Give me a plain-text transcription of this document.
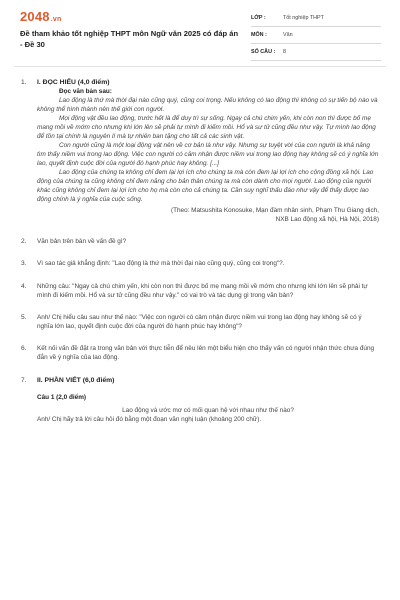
2048.vn
Đề tham khảo tốt nghiệp THPT môn Ngữ văn 2025 có đáp án - Đề 30
LỚP :	Tốt nghiệp THPT
MÔN :	Văn
SỐ CÂU : 8
1. I. ĐỌC HIỂU (4,0 điểm)
Đọc văn bản sau:

Lao động là thứ mà thời đại nào cũng quý, cũng coi trọng. Nếu không có lao động thì không có sự tiến bộ nào và không thể hình thành nên thế giới con người.

Mọi động vật đều lao động, trước hết là để duy trì sự sống. Ngay cả chú chim yến, khi còn non thì được bố mẹ mang mồi về mớm cho nhưng khi lớn lên sẽ phải tự mình đi kiếm mồi. Hổ và sư tử cũng đều như vậy. Tự mình lao động để tồn tại chính là nguyên lí mà tự nhiên ban tặng cho tất cả các sinh vật.

Con người cũng là một loại động vật nên về cơ bản là như vậy. Nhưng sự tuyệt vời của con người là khả năng tìm thấy niềm vui trong lao động. Việc con người có cảm nhận được niềm vui trong lao động hay không sẽ có ý nghĩa lớn lao, quyết định cuộc đời của người đó hạnh phúc hay không. [...]

Lao động của chúng ta không chỉ đem lại lợi ích cho chúng ta mà còn đem lại lợi ích cho cộng đồng xã hội. Lao động của chúng ta cũng không chỉ đem năng cho bản thân chúng ta mà còn dành cho mọi người. Lao động của người khác cũng không chỉ đem lại lợi ích cho họ mà còn cho cả chúng ta. Cần suy nghĩ thấu đáo như vậy để thấy được lao động chính là ý nghĩa của cuộc sống.

(Theo: Matsushita Konosuke, Mạn đàm nhân sinh, Phạm Thu Giang dịch,
NXB Lao động xã hội, Hà Nội, 2018)
2. Văn bản trên bàn về vấn đề gì?
3. Vì sao tác giả khẳng định: "Lao động là thứ mà thời đại nào cũng quý, cũng coi trọng"?.
4. Những câu: "Ngay cả chú chim yến, khi còn non thì được bố mẹ mang mồi về mớm cho nhưng khi lớn lên sẽ phải tự mình đi kiếm mồi. Hổ và sư tử cũng đều như vậy." có vai trò và tác dụng gì trong văn bản?
5. Anh/ Chị hiểu câu sau như thế nào: "Việc con người có cảm nhận được niềm vui trong lao động hay không sẽ có ý nghĩa lớn lao, quyết định cuộc đời của người đó hạnh phúc hay không"?
6. Kết nối vấn đề đặt ra trong văn bản với thực tiễn để nêu lên một biểu hiện cho thấy vấn có người nhận thức chưa đúng đắn về ý nghĩa của lao động.
7. II. PHẦN VIẾT (6,0 điểm)
Câu 1 (2,0 điểm)
Lao động và ước mơ có mối quan hệ với nhau như thế nào?
Anh/ Chị hãy trả lời câu hỏi đó bằng một đoạn văn nghị luận (khoảng 200 chữ).
